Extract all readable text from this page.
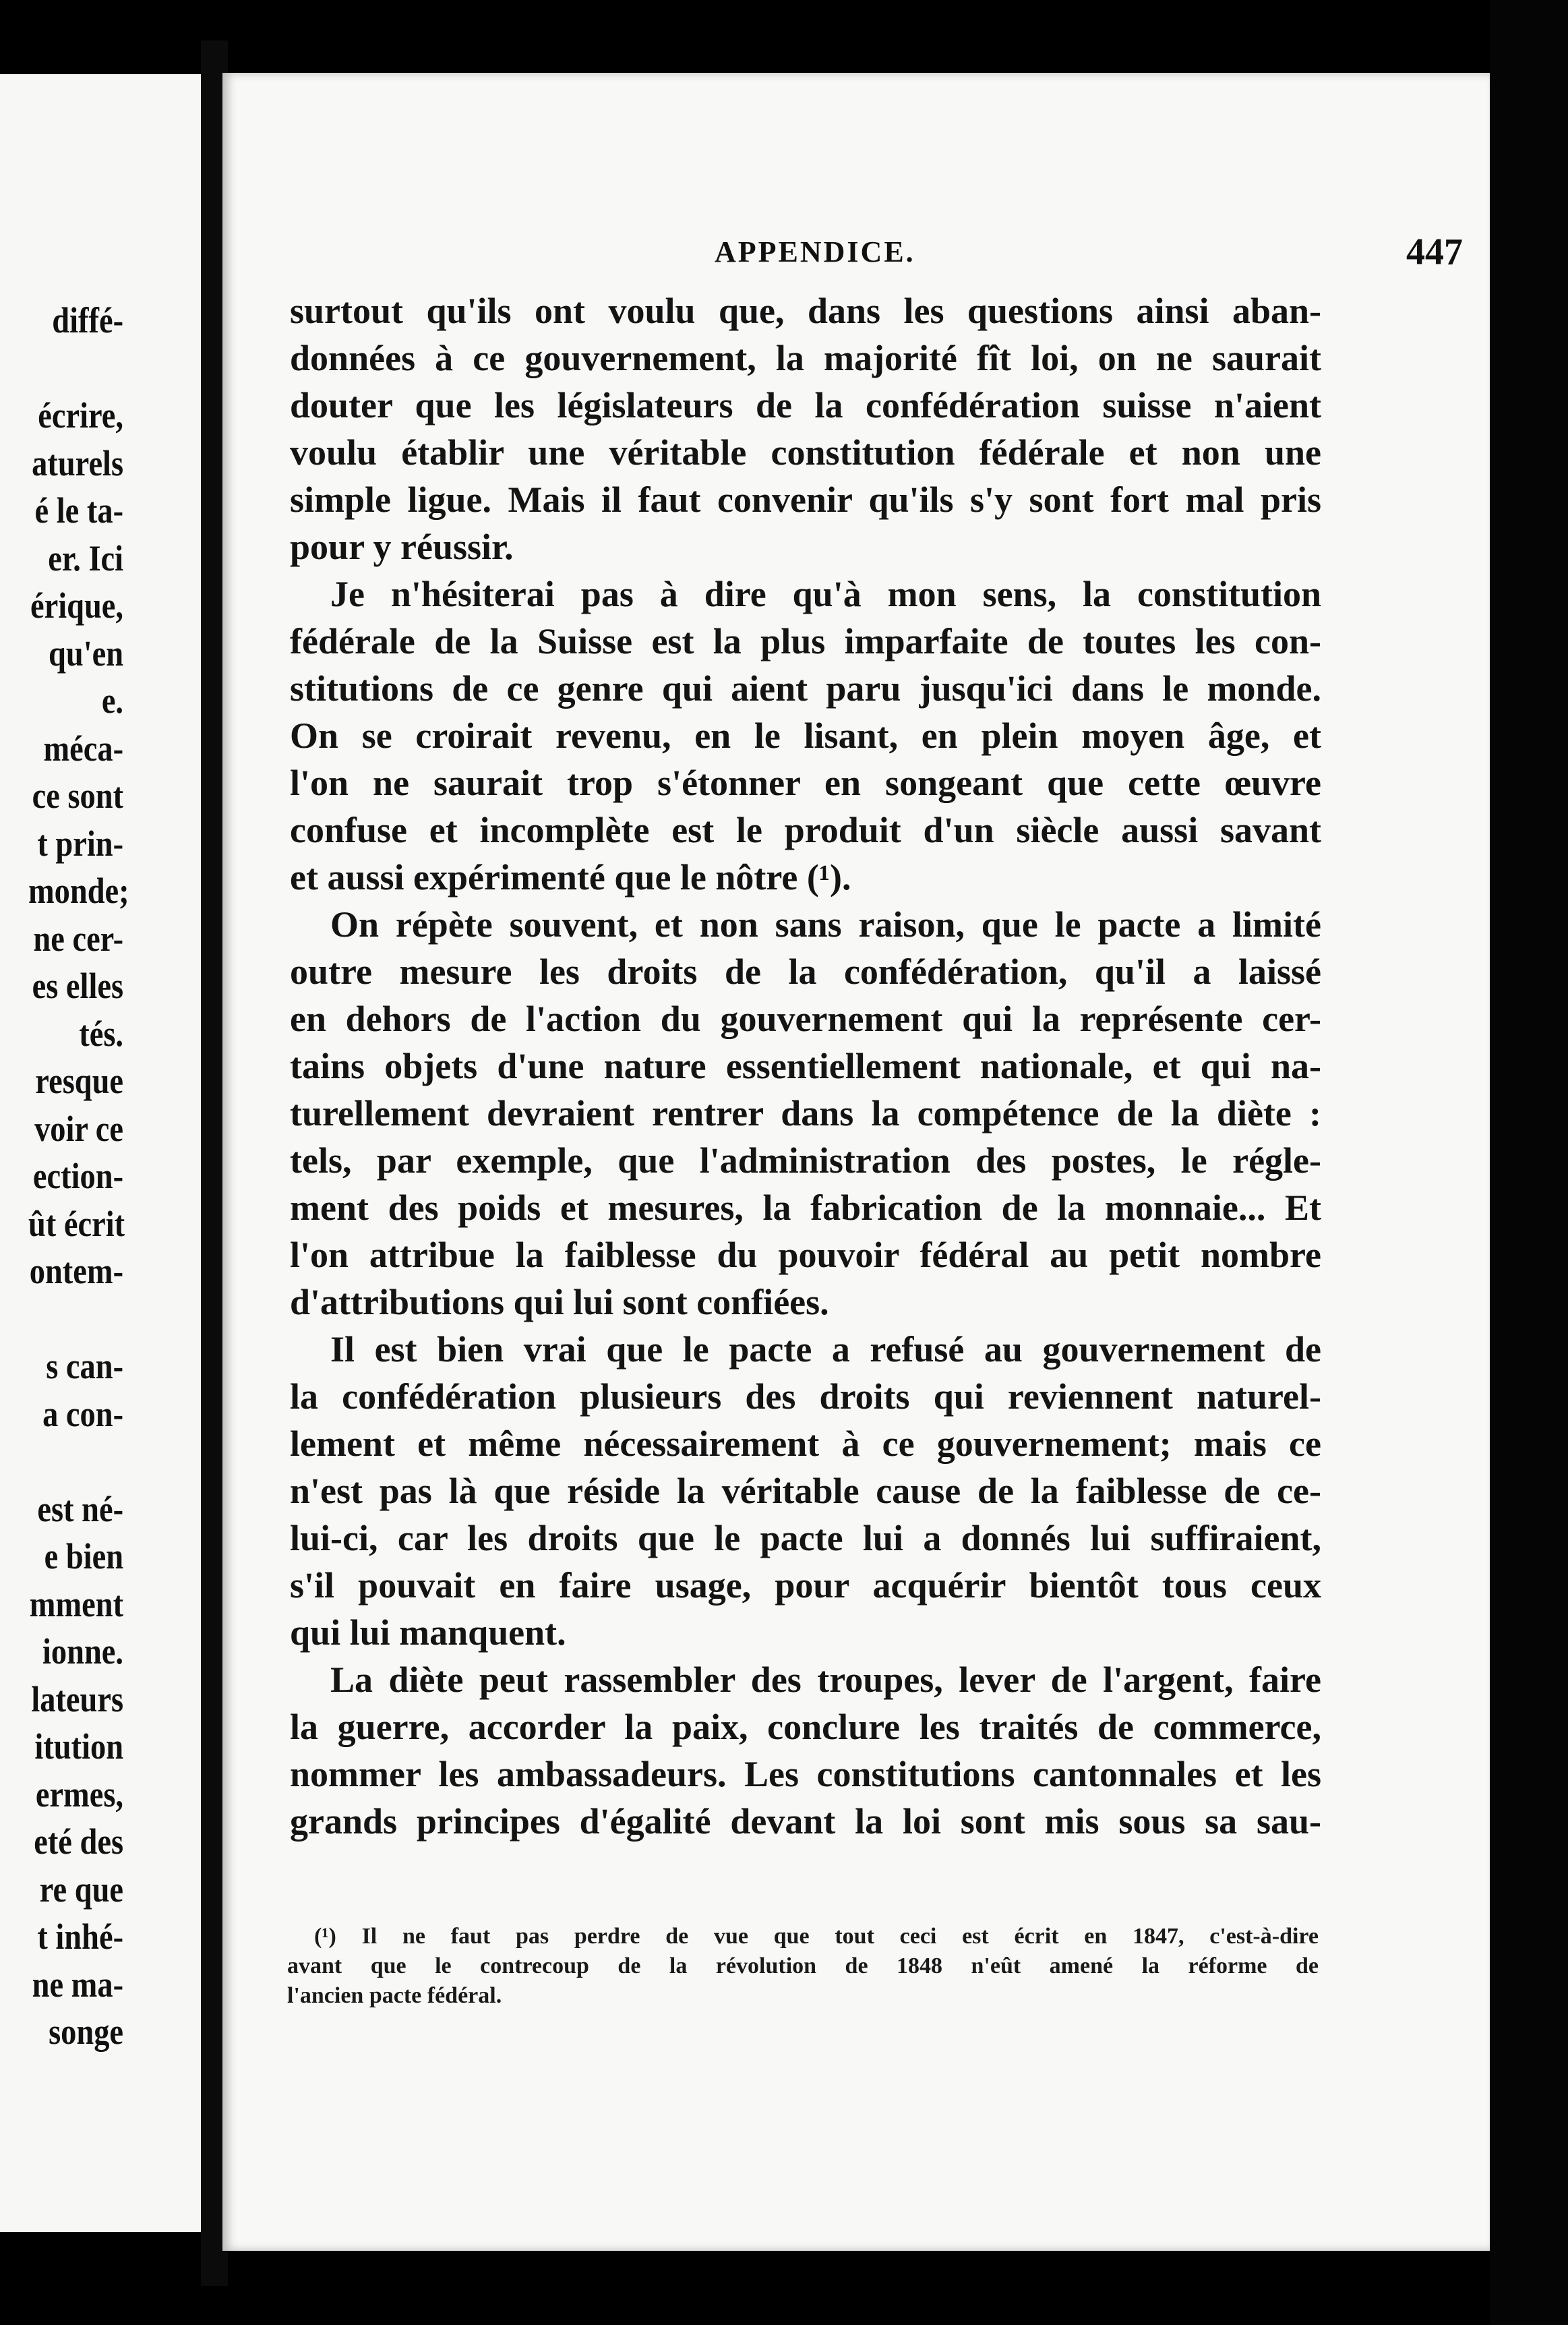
diffé-
écrire,
aturels
é le ta-
er. Ici
érique,
qu'en
e.
méca-
ce sont
t prin-
monde;
ne cer-
es elles
tés.
resque
voir ce
ection-
ût écrit
ontem-
s can-
a con-
est né-
e bien
mment
ionne.
lateurs
itution
ermes,
eté des
re que
t inhé-
ne ma-
songe
APPENDICE.	447
surtout qu'ils ont voulu que, dans les questions ainsi aban-
données à ce gouvernement, la majorité fît loi, on ne saurait
douter que les législateurs de la confédération suisse n'aient
voulu établir une véritable constitution fédérale et non une
simple ligue. Mais il faut convenir qu'ils s'y sont fort mal pris
pour y réussir.
Je n'hésiterai pas à dire qu'à mon sens, la constitution
fédérale de la Suisse est la plus imparfaite de toutes les con-
stitutions de ce genre qui aient paru jusqu'ici dans le monde.
On se croirait revenu, en le lisant, en plein moyen âge, et
l'on ne saurait trop s'étonner en songeant que cette œuvre
confuse et incomplète est le produit d'un siècle aussi savant
et aussi expérimenté que le nôtre (¹).
On répète souvent, et non sans raison, que le pacte a limité
outre mesure les droits de la confédération, qu'il a laissé
en dehors de l'action du gouvernement qui la représente cer-
tains objets d'une nature essentiellement nationale, et qui na-
turellement devraient rentrer dans la compétence de la diète :
tels, par exemple, que l'administration des postes, le régle-
ment des poids et mesures, la fabrication de la monnaie... Et
l'on attribue la faiblesse du pouvoir fédéral au petit nombre
d'attributions qui lui sont confiées.
Il est bien vrai que le pacte a refusé au gouvernement de
la confédération plusieurs des droits qui reviennent naturel-
lement et même nécessairement à ce gouvernement; mais ce
n'est pas là que réside la véritable cause de la faiblesse de ce-
lui-ci, car les droits que le pacte lui a donnés lui suffiraient,
s'il pouvait en faire usage, pour acquérir bientôt tous ceux
qui lui manquent.
La diète peut rassembler des troupes, lever de l'argent, faire
la guerre, accorder la paix, conclure les traités de commerce,
nommer les ambassadeurs. Les constitutions cantonnales et les
grands principes d'égalité devant la loi sont mis sous sa sau-
(¹) Il ne faut pas perdre de vue que tout ceci est écrit en 1847, c'est-à-dire
avant que le contrecoup de la révolution de 1848 n'eût amené la réforme de
l'ancien pacte fédéral.
